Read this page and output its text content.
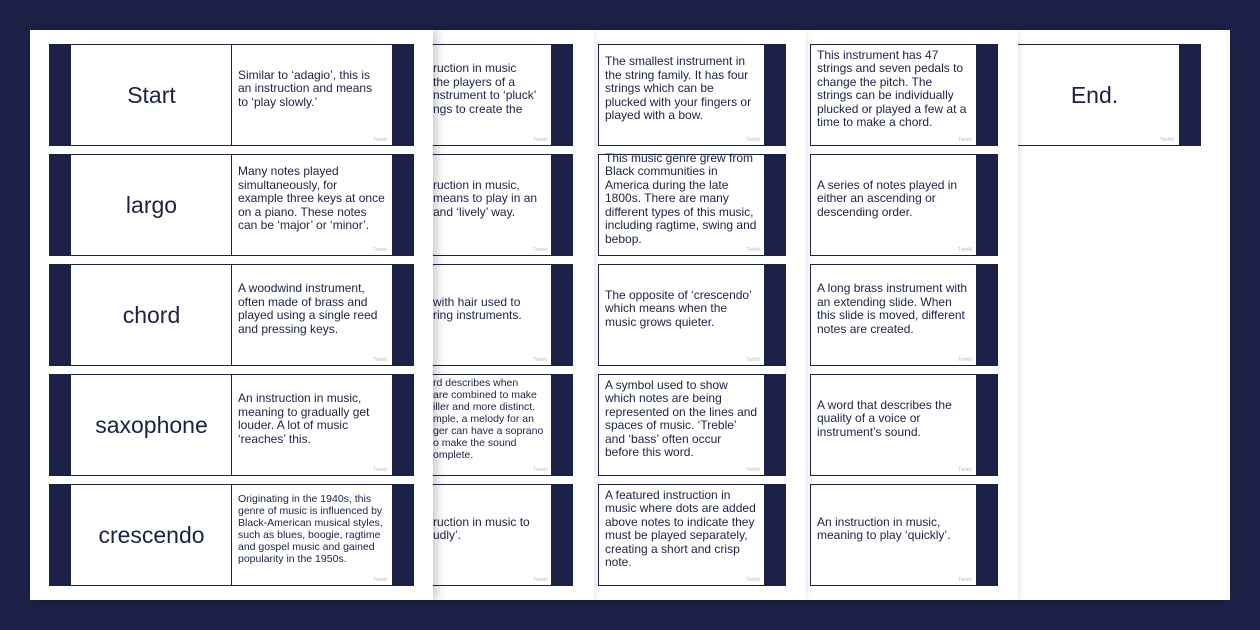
End.
Twinkl
This instrument has 47 strings and seven pedals to change the pitch. The strings can be individually plucked or played a few at a time to make a chord.
Twinkl
A series of notes played in either an ascending or descending order.
Twinkl
A long brass instrument with an extending slide. When this slide is moved, different notes are created.
Twinkl
A word that describes the quality of a voice or instrument’s sound.
Twinkl
An instruction in music, meaning to play ‘quickly’.
Twinkl
The smallest instrument in the string family. It has four strings which can be plucked with your fingers or played with a bow.
Twinkl
This music genre grew from Black communities in America during the late 1800s. There are many different types of this music, including ragtime, swing and bebop.
Twinkl
The opposite of ‘crescendo’ which means when the music grows quieter.
Twinkl
A symbol used to show which notes are being represented on the lines and spaces of music. ‘Treble’ and ‘bass’ often occur before this word.
Twinkl
A featured instruction in music where dots are added above notes to indicate they must be played separately, creating a short and crisp note.
Twinkl
ruction in music
the players of a
nstrument to ‘pluck’
ngs to create the
Twinkl
ruction in music,
means to play in an
and ‘lively’ way.
Twinkl
with hair used to
ring instruments.
Twinkl
rd describes when
are combined to make
iller and more distinct.
mple, a melody for an
ger can have a soprano
o make the sound
omplete.
Twinkl
ruction in music to
udly’.
Twinkl
Start
Similar to ‘adagio’, this is an instruction and means to ‘play slowly.’
Twinkl
largo
Many notes played simultaneously, for example three keys at once on a piano. These notes can be ‘major’ or ‘minor’.
Twinkl
chord
A woodwind instrument, often made of brass and played using a single reed and pressing keys.
Twinkl
saxophone
An instruction in music, meaning to gradually get louder. A lot of music ‘reaches’ this.
Twinkl
crescendo
Originating in the 1940s, this genre of music is influenced by Black-American musical styles, such as blues, boogie, ragtime and gospel music and gained popularity in the 1950s.
Twinkl
